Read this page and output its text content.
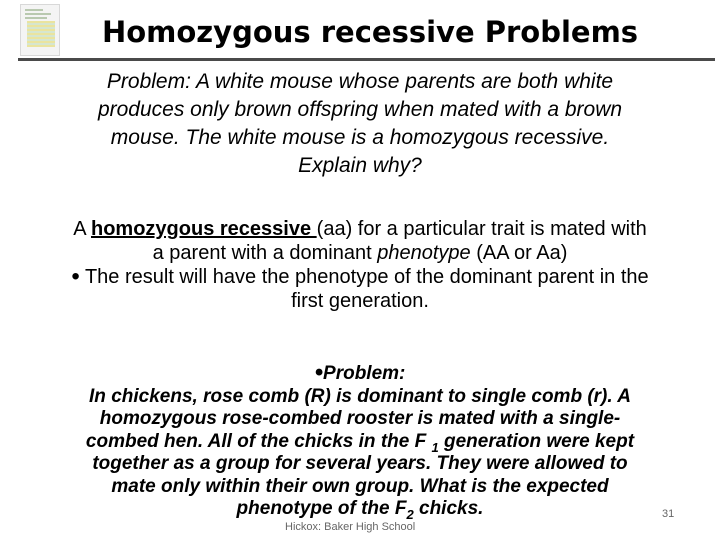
Homozygous recessive Problems
Problem: A white mouse whose parents are both white
produces only brown offspring when mated with a brown
mouse. The white mouse is a homozygous recessive.
Explain why?
A homozygous recessive (aa) for a particular trait is mated with
a parent with a dominant phenotype (AA or Aa)
• The result will have the phenotype of the dominant parent in the
first generation.
•Problem:
In chickens, rose comb (R) is dominant to single comb (r). A
homozygous rose-combed rooster is mated with a single-
combed hen. All of the chicks in the F $_1$ generation were kept
together as a group for several years. They were allowed to
mate only within their own group. What is the expected
phenotype of the $F_2$ chicks.
Hickox: Baker High School
31
